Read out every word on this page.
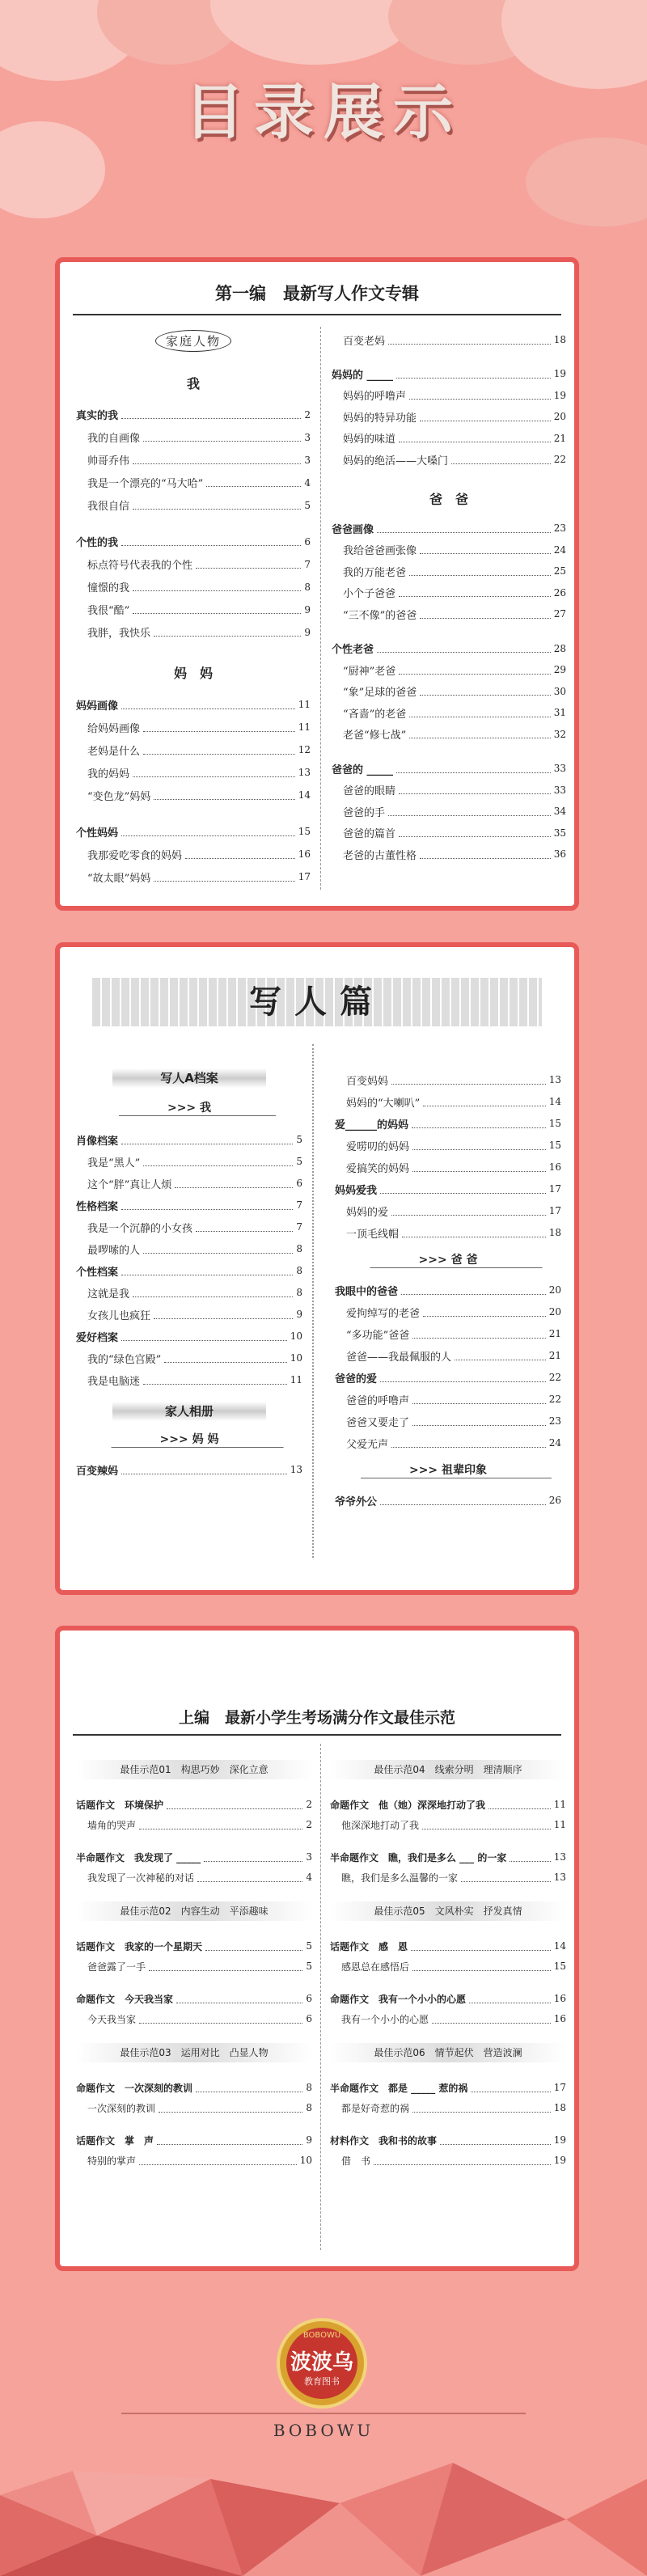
目录展示
第一编　最新写人作文专辑
家庭人物
我
真实的我	2
我的自画像	3
帅哥乔伟	3
我是一个漂亮的“马大哈”	4
我很自信	5
个性的我	6
标点符号代表我的个性	7
憧憬的我	8
我很“酷”	9
我胖，我快乐	9
妈　妈
妈妈画像	11
给妈妈画像	11
老妈是什么	12
我的妈妈	13
“变色龙”妈妈	14
个性妈妈	15
我那爱吃零食的妈妈	16
“故太眼”妈妈	17
百变老妈	18
妈妈的 _____	19
妈妈的呼噜声	19
妈妈的特异功能	20
妈妈的味道	21
妈妈的绝活——大嗓门	22
爸　爸
爸爸画像	23
我给爸爸画张像	24
我的万能老爸	25
小个子爸爸	26
“三不像”的爸爸	27
个性老爸	28
“厨神”老爸	29
“象”足球的爸爸	30
“吝啬”的老爸	31
老爸“修七战”	32
爸爸的 _____	33
爸爸的眼睛	33
爸爸的手	34
爸爸的篇首	35
老爸的古董性格	36
写人篇
写人A档案
>>> 我
肖像档案	5
我是“黑人”	5
这个“胖”真让人烦	6
性格档案	7
我是一个沉静的小女孩	7
最啰嗦的人	8
个性档案	8
这就是我	8
女孩儿也疯狂	9
爱好档案	10
我的“绿色宫殿”	10
我是电脑迷	11
家人相册
>>> 妈 妈
百变辣妈	13
百变妈妈	13
妈妈的“大喇叭”	14
爱______的妈妈	15
爱唠叨的妈妈	15
爱搞笑的妈妈	16
妈妈爱我	17
妈妈的爱	17
一顶毛线帽	18
>>> 爸 爸
我眼中的爸爸	20
爱拘绰写的老爸	20
“多功能”爸爸	21
爸爸——我最佩服的人	21
爸爸的爱	22
爸爸的呼噜声	22
爸爸又要走了	23
父爱无声	24
>>> 祖辈印象
爷爷外公	26
上编　最新小学生考场满分作文最佳示范
最佳示范01　构思巧妙　深化立意
话题作文　环境保护	2
墙角的哭声	2
半命题作文　我发现了 _____	3
我发现了一次神秘的对话	4
最佳示范02　内容生动　平添趣味
话题作文　我家的一个星期天	5
爸爸露了一手	5
命题作文　今天我当家	6
今天我当家	6
最佳示范03　运用对比　凸显人物
命题作文　一次深刻的教训	8
一次深刻的教训	8
话题作文　掌　声	9
特别的掌声	10
最佳示范04　线索分明　理清顺序
命题作文　他（她）深深地打动了我	11
他深深地打动了我	11
半命题作文　瞧，我们是多么 ___ 的一家	13
瞧，我们是多么温馨的一家	13
最佳示范05　文风朴实　抒发真情
话题作文　感　恩	14
感恩总在感悟后	15
命题作文　我有一个小小的心愿	16
我有一个小小的心愿	16
最佳示范06　情节起伏　营造波澜
半命题作文　都是 _____ 惹的祸	17
都是好奇惹的祸	18
材料作文　我和书的故事	19
借　书	19
波波乌
教育图书
BOBOWU
BOBOWU
